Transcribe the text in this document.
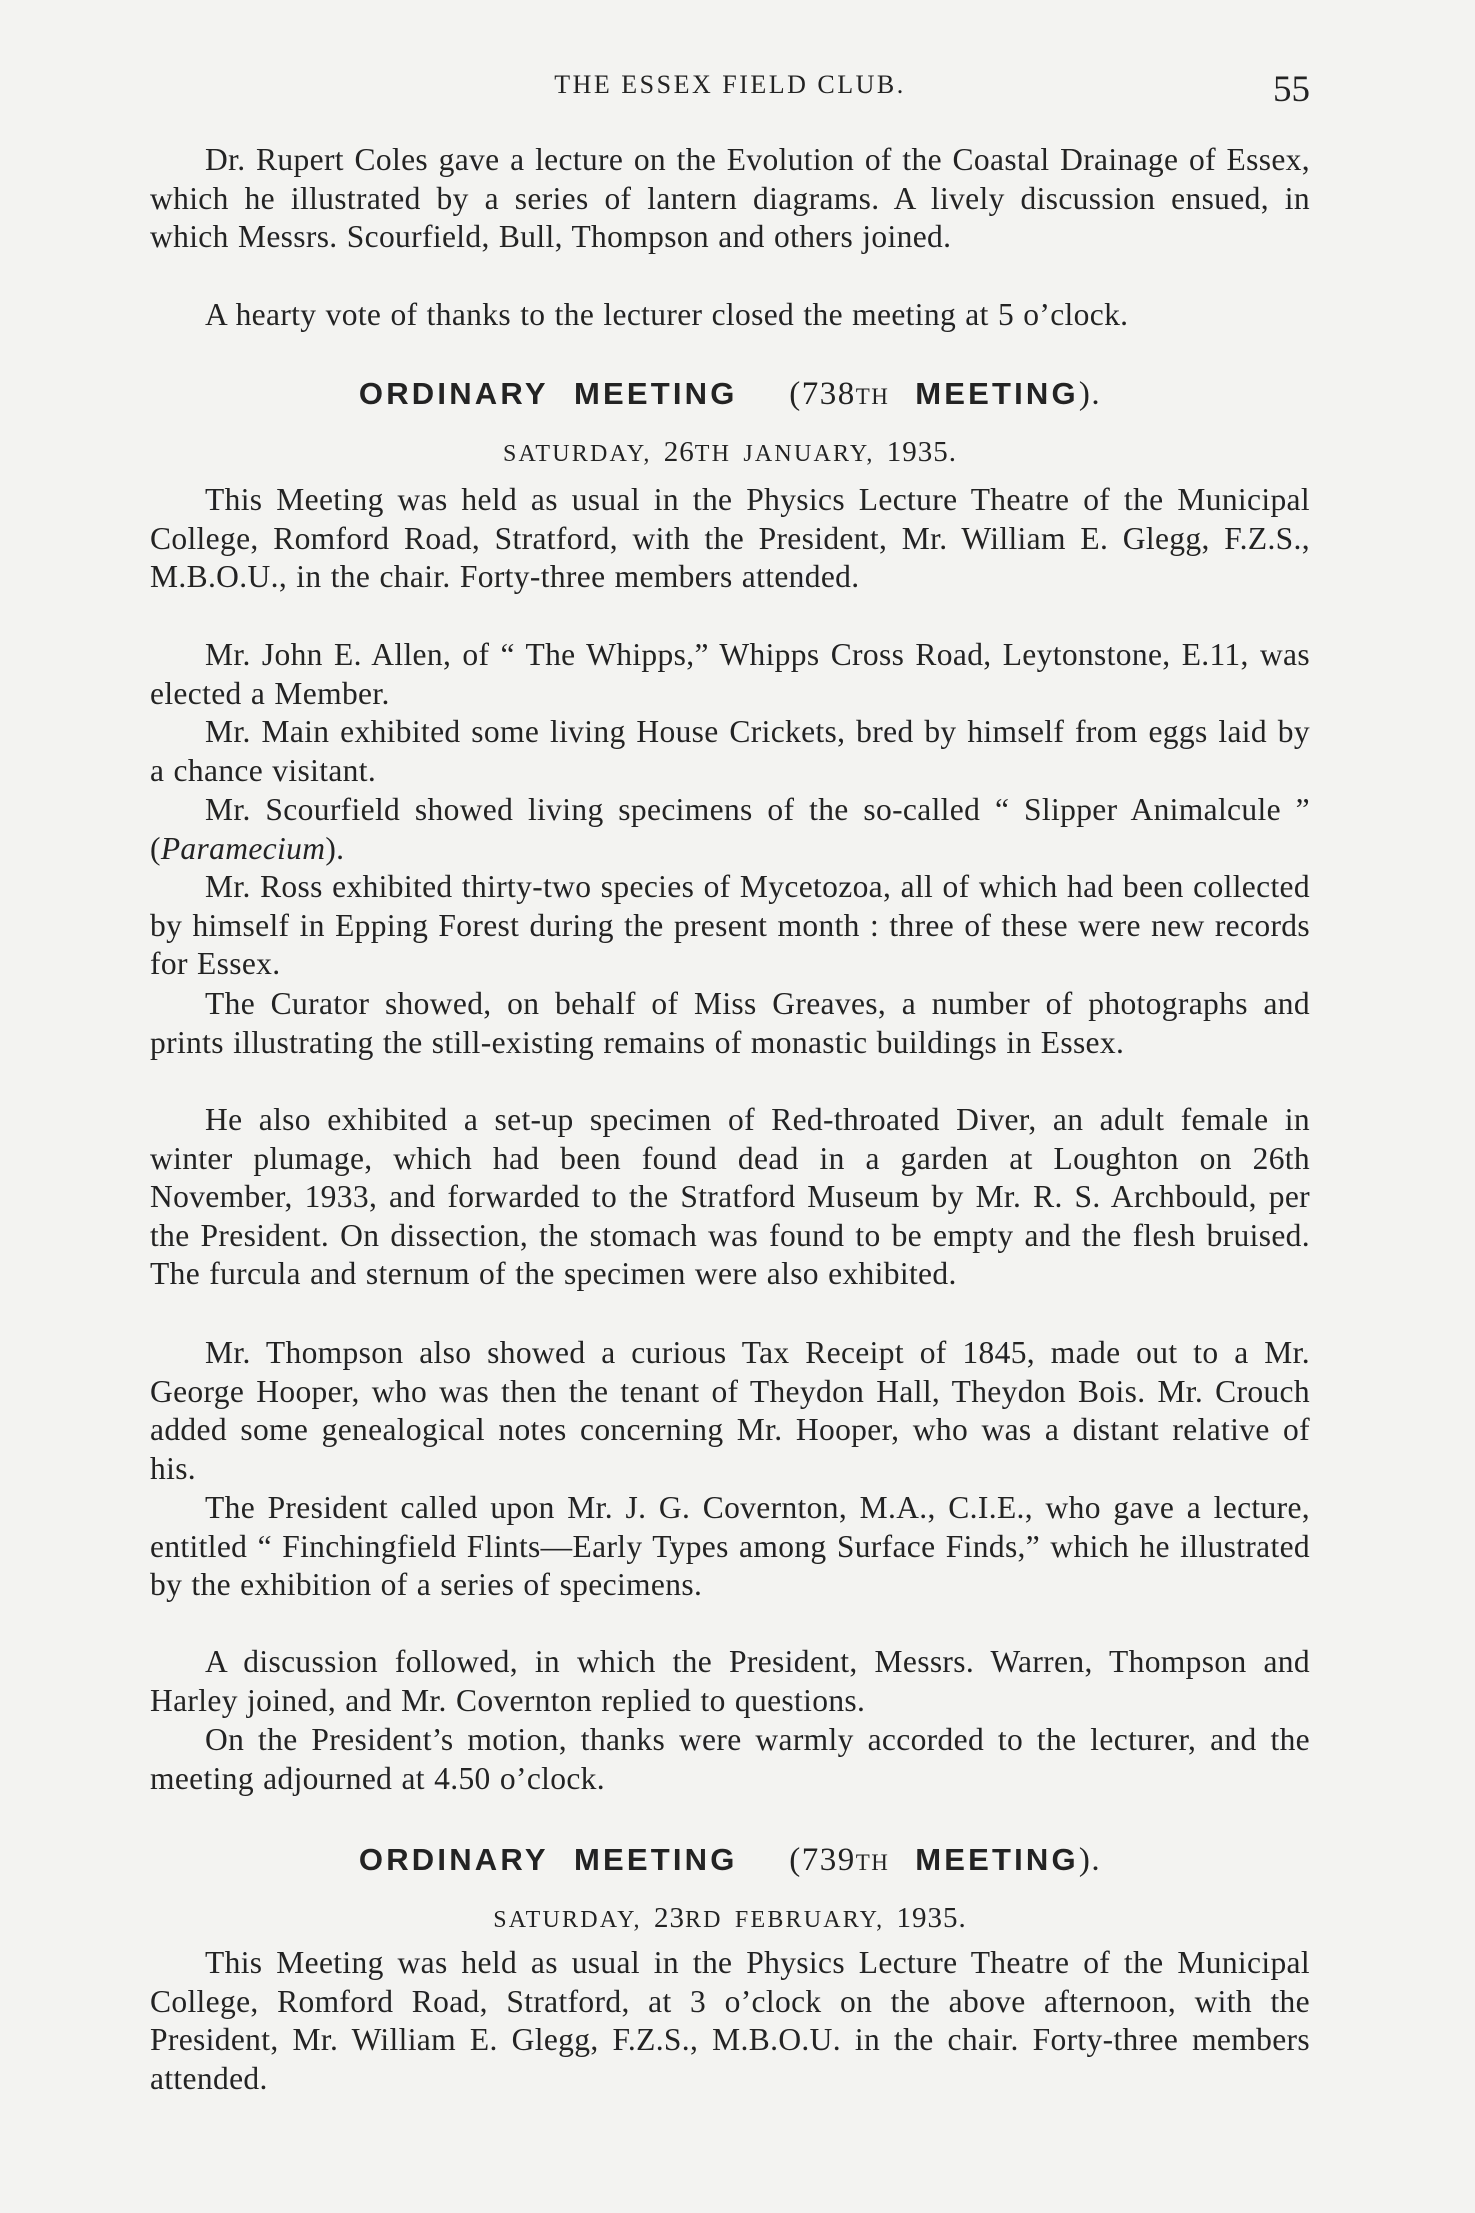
THE ESSEX FIELD CLUB.	55

Dr. Rupert Coles gave a lecture on the Evolution of the Coastal Drainage of Essex, which he illustrated by a series of lantern diagrams. A lively discussion ensued, in which Messrs. Scourfield, Bull, Thompson and others joined.

A hearty vote of thanks to the lecturer closed the meeting at 5 o’clock.

ORDINARY MEETING (738TH MEETING).
SATURDAY, 26TH JANUARY, 1935.

This Meeting was held as usual in the Physics Lecture Theatre of the Municipal College, Romford Road, Stratford, with the President, Mr. William E. Glegg, F.Z.S., M.B.O.U., in the chair. Forty-three members attended.

Mr. John E. Allen, of “ The Whipps,” Whipps Cross Road, Leytonstone, E.11, was elected a Member.

Mr. Main exhibited some living House Crickets, bred by himself from eggs laid by a chance visitant.

Mr. Scourfield showed living specimens of the so-called “ Slipper Animalcule ” (Paramecium).

Mr. Ross exhibited thirty-two species of Mycetozoa, all of which had been collected by himself in Epping Forest during the present month : three of these were new records for Essex.

The Curator showed, on behalf of Miss Greaves, a number of photographs and prints illustrating the still-existing remains of monastic buildings in Essex.

He also exhibited a set-up specimen of Red-throated Diver, an adult female in winter plumage, which had been found dead in a garden at Loughton on 26th November, 1933, and forwarded to the Stratford Museum by Mr. R. S. Archbould, per the President. On dissection, the stomach was found to be empty and the flesh bruised. The furcula and sternum of the specimen were also exhibited.

Mr. Thompson also showed a curious Tax Receipt of 1845, made out to a Mr. George Hooper, who was then the tenant of Theydon Hall, Theydon Bois. Mr. Crouch added some genealogical notes concerning Mr. Hooper, who was a distant relative of his.

The President called upon Mr. J. G. Covernton, M.A., C.I.E., who gave a lecture, entitled “ Finchingfield Flints—Early Types among Surface Finds,” which he illustrated by the exhibition of a series of specimens.

A discussion followed, in which the President, Messrs. Warren, Thompson and Harley joined, and Mr. Covernton replied to questions.

On the President’s motion, thanks were warmly accorded to the lecturer, and the meeting adjourned at 4.50 o’clock.

ORDINARY MEETING (739TH MEETING).
SATURDAY, 23RD FEBRUARY, 1935.

This Meeting was held as usual in the Physics Lecture Theatre of the Municipal College, Romford Road, Stratford, at 3 o’clock on the above afternoon, with the President, Mr. William E. Glegg, F.Z.S., M.B.O.U. in the chair. Forty-three members attended.
